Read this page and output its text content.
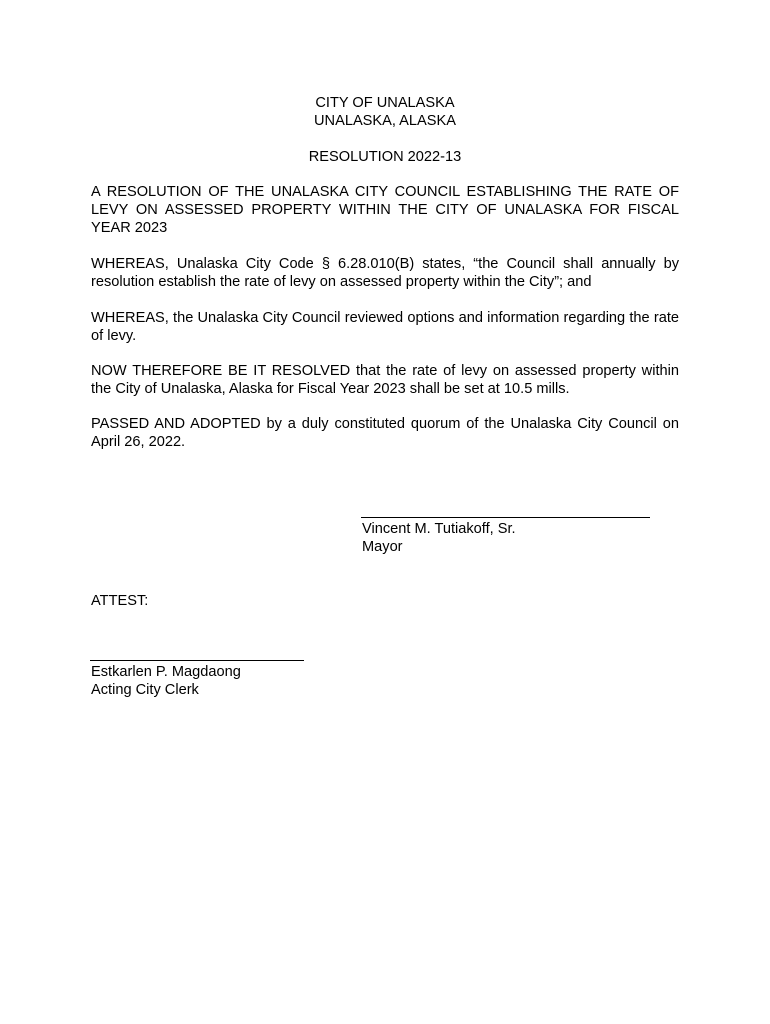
CITY OF UNALASKA
UNALASKA, ALASKA
RESOLUTION 2022-13
A RESOLUTION OF THE UNALASKA CITY COUNCIL ESTABLISHING THE RATE OF LEVY ON ASSESSED PROPERTY WITHIN THE CITY OF UNALASKA FOR FISCAL YEAR 2023
WHEREAS, Unalaska City Code § 6.28.010(B) states, “the Council shall annually by resolution establish the rate of levy on assessed property within the City”; and
WHEREAS, the Unalaska City Council reviewed options and information regarding the rate of levy.
NOW THEREFORE BE IT RESOLVED that the rate of levy on assessed property within the City of Unalaska, Alaska for Fiscal Year 2023 shall be set at 10.5 mills.
PASSED AND ADOPTED by a duly constituted quorum of the Unalaska City Council on April 26, 2022.
Vincent M. Tutiakoff, Sr.
Mayor
ATTEST:
Estkarlen P. Magdaong
Acting City Clerk
